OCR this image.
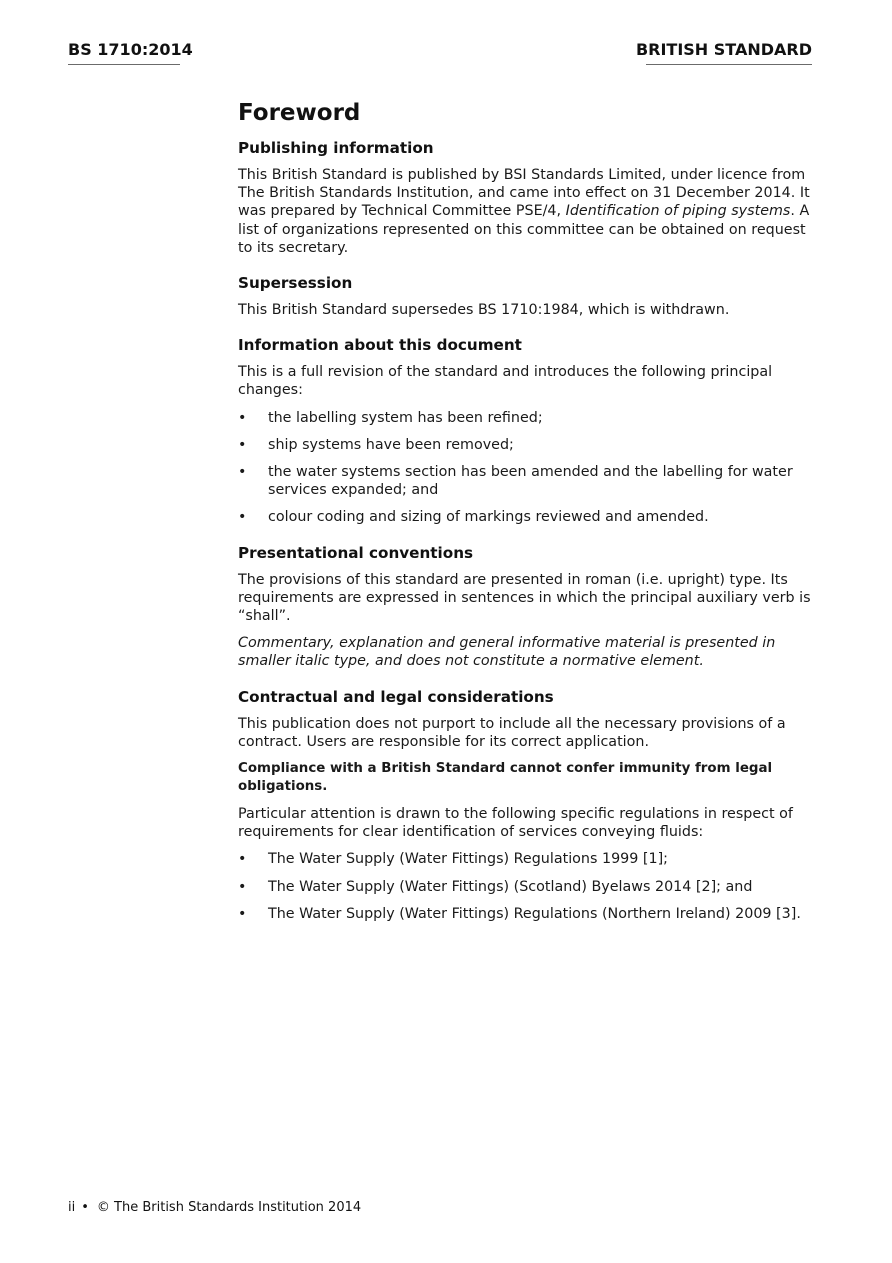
BS 1710:2014	BRITISH STANDARD
Foreword
Publishing information

This British Standard is published by BSI Standards Limited, under licence from The British Standards Institution, and came into effect on 31 December 2014. It was prepared by Technical Committee PSE/4, Identification of piping systems. A list of organizations represented on this committee can be obtained on request to its secretary.

Supersession

This British Standard supersedes BS 1710:1984, which is withdrawn.

Information about this document

This is a full revision of the standard and introduces the following principal changes:

• the labelling system has been refined;
• ship systems have been removed;
• the water systems section has been amended and the labelling for water services expanded; and
• colour coding and sizing of markings reviewed and amended.
Presentational conventions

The provisions of this standard are presented in roman (i.e. upright) type. Its requirements are expressed in sentences in which the principal auxiliary verb is “shall”.

Commentary, explanation and general informative material is presented in smaller italic type, and does not constitute a normative element.

Contractual and legal considerations

This publication does not purport to include all the necessary provisions of a contract. Users are responsible for its correct application.

Compliance with a British Standard cannot confer immunity from legal obligations.

Particular attention is drawn to the following specific regulations in respect of requirements for clear identification of services conveying fluids:

• The Water Supply (Water Fittings) Regulations 1999 [1];
• The Water Supply (Water Fittings) (Scotland) Byelaws 2014 [2]; and
• The Water Supply (Water Fittings) Regulations (Northern Ireland) 2009 [3].
ii • © The British Standards Institution 2014
